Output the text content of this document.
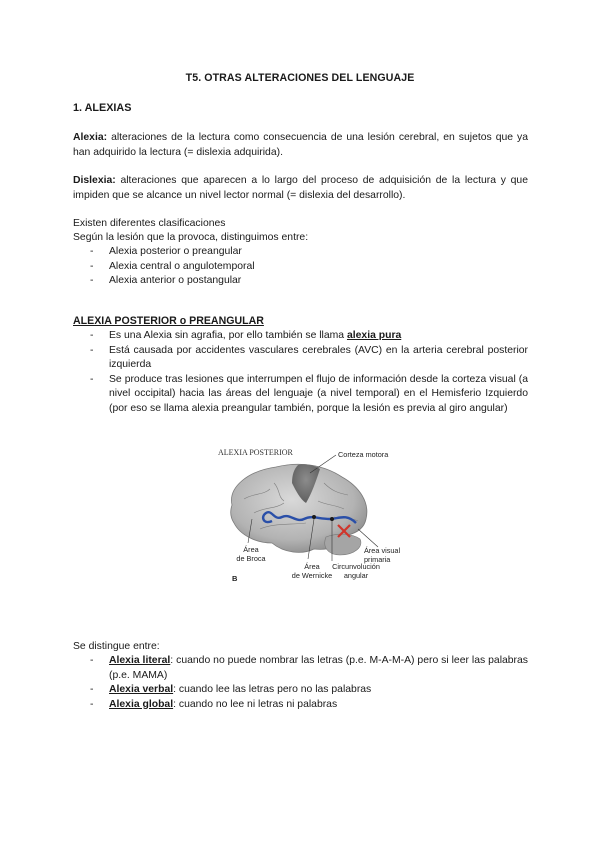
T5. OTRAS ALTERACIONES DEL LENGUAJE
1. ALEXIAS
Alexia: alteraciones de la lectura como consecuencia de una lesión cerebral, en sujetos que ya han adquirido la lectura (= dislexia adquirida).
Dislexia: alteraciones que aparecen a lo largo del proceso de adquisición de la lectura y que impiden que se alcance un nivel lector normal (= dislexia del desarrollo).
Existen diferentes clasificaciones
Según la lesión que la provoca, distinguimos entre:
- Alexia posterior o preangular
- Alexia central o angulotemporal
- Alexia anterior o postangular
ALEXIA POSTERIOR o PREANGULAR
- Es una Alexia sin agrafia, por ello también se llama alexia pura
- Está causada por accidentes vasculares cerebrales (AVC) en la arteria cerebral posterior izquierda
- Se produce tras lesiones que interrumpen el flujo de información desde la corteza visual (a nivel occipital) hacia las áreas del lenguaje (a nivel temporal) en el Hemisferio Izquierdo (por eso se llama alexia preangular también, porque la lesión es previa al giro angular)
ALEXIA POSTERIOR	Corteza motora
Área
de Broca
Área
de Wernicke
Circunvolución
angular
Área visual
primaria
B
Se distingue entre:
- Alexia literal: cuando no puede nombrar las letras (p.e. M-A-M-A) pero si leer las palabras (p.e. MAMA)
- Alexia verbal: cuando lee las letras pero no las palabras
- Alexia global: cuando no lee ni letras ni palabras
